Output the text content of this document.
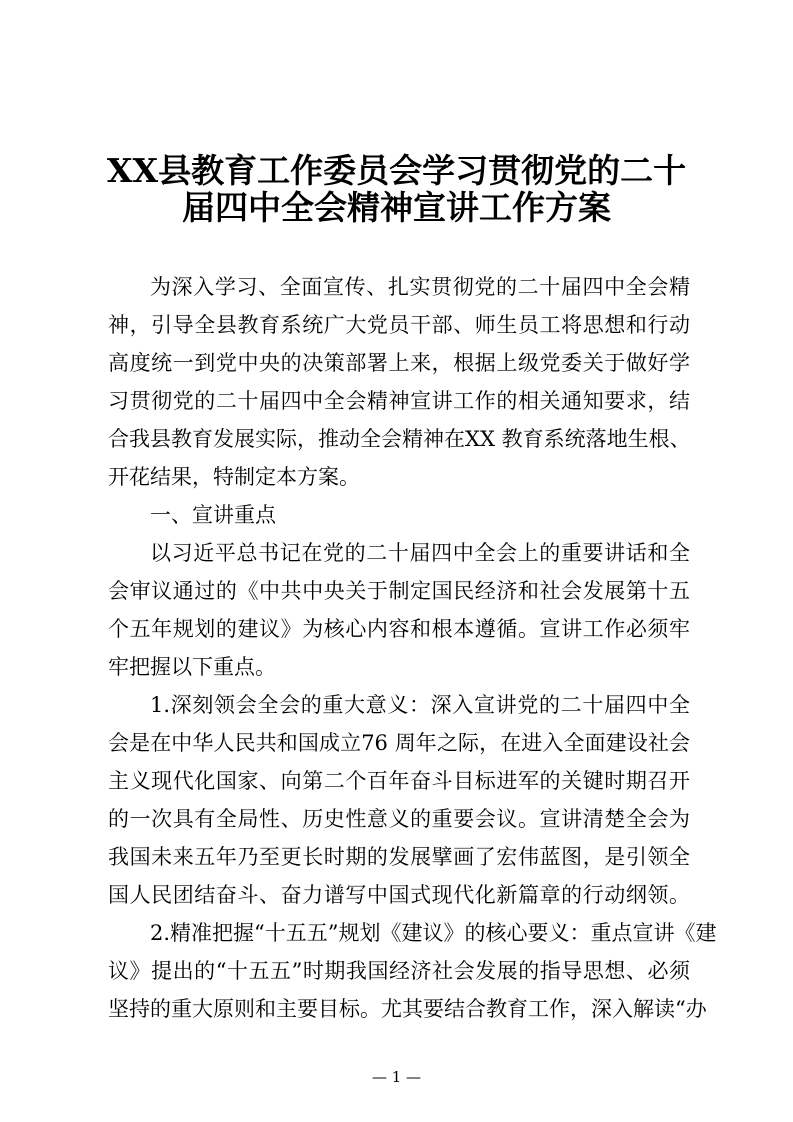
XX县教育工作委员会学习贯彻党的二十
届四中全会精神宣讲工作方案
为深入学习、全面宣传、扎实贯彻党的二十届四中全会精
神，引导全县教育系统广大党员干部、师生员工将思想和行动
高度统一到党中央的决策部署上来，根据上级党委关于做好学
习贯彻党的二十届四中全会精神宣讲工作的相关通知要求，结
合我县教育发展实际，推动全会精神在XX 教育系统落地生根、
开花结果，特制定本方案。
一、宣讲重点
以习近平总书记在党的二十届四中全会上的重要讲话和全
会审议通过的《中共中央关于制定国民经济和社会发展第十五
个五年规划的建议》为核心内容和根本遵循。宣讲工作必须牢
牢把握以下重点。
1.深刻领会全会的重大意义：深入宣讲党的二十届四中全
会是在中华人民共和国成立76 周年之际，在进入全面建设社会
主义现代化国家、向第二个百年奋斗目标进军的关键时期召开
的一次具有全局性、历史性意义的重要会议。宣讲清楚全会为
我国未来五年乃至更长时期的发展擘画了宏伟蓝图，是引领全
国人民团结奋斗、奋力谱写中国式现代化新篇章的行动纲领。
2.精准把握“十五五”规划《建议》的核心要义：重点宣讲《建
议》提出的“十五五”时期我国经济社会发展的指导思想、必须
坚持的重大原则和主要目标。尤其要结合教育工作，深入解读“办
— 1 —
